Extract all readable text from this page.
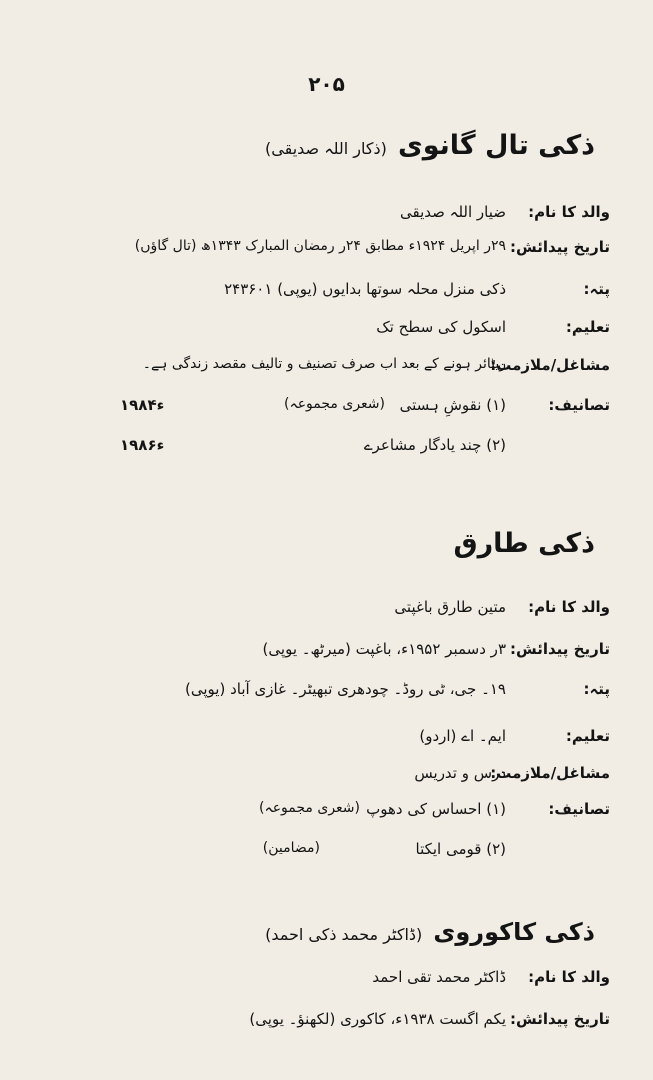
۲۰۵
ذکی تال گانوی (ذکار اللہ صدیقی)
والد کا نام:
ضیار اللہ صدیقی
تاریخ پیدائش:
۲۹ر اپریل ۱۹۲۴ء مطابق ۲۴ر رمضان المبارک ۱۳۴۳ھ (تال گاؤں)
پتہ:
ذکی منزل محلہ سوتھا بدایوں (یوپی) ۲۴۳۶۰۱
تعلیم:
اسکول کی سطح تک
مشاغل/ملازمت:
ریٹائر ہونے کے بعد اب صرف تصنیف و تالیف مقصد زندگی ہے۔
تصانیف:
(۱) نقوشِ ہستی
(شعری مجموعہ)
۱۹۸۴ء
(۲) چند یادگار مشاعرے
۱۹۸۶ء
ذکی طارق
والد کا نام:
متین طارق باغپتی
تاریخ پیدائش:
۳ر دسمبر ۱۹۵۲ء، باغپت (میرٹھ۔ یوپی)
پتہ:
۱۹۔ جی، ٹی روڈ۔ چودھری تبھیٹر۔ غازی آباد (یوپی)
تعلیم:
ایم۔ اے (اردو)
مشاغل/ملازمت:
درس و تدریس
تصانیف:
(۱) احساس کی دھوپ
(شعری مجموعہ)
(۲) قومی ایکتا
(مضامین)
ذکی کاکوروی (ڈاکٹر محمد ذکی احمد)
والد کا نام:
ڈاکٹر محمد تقی احمد
تاریخ پیدائش:
یکم اگست ۱۹۳۸ء، کاکوری (لکھنؤ۔ یوپی)
